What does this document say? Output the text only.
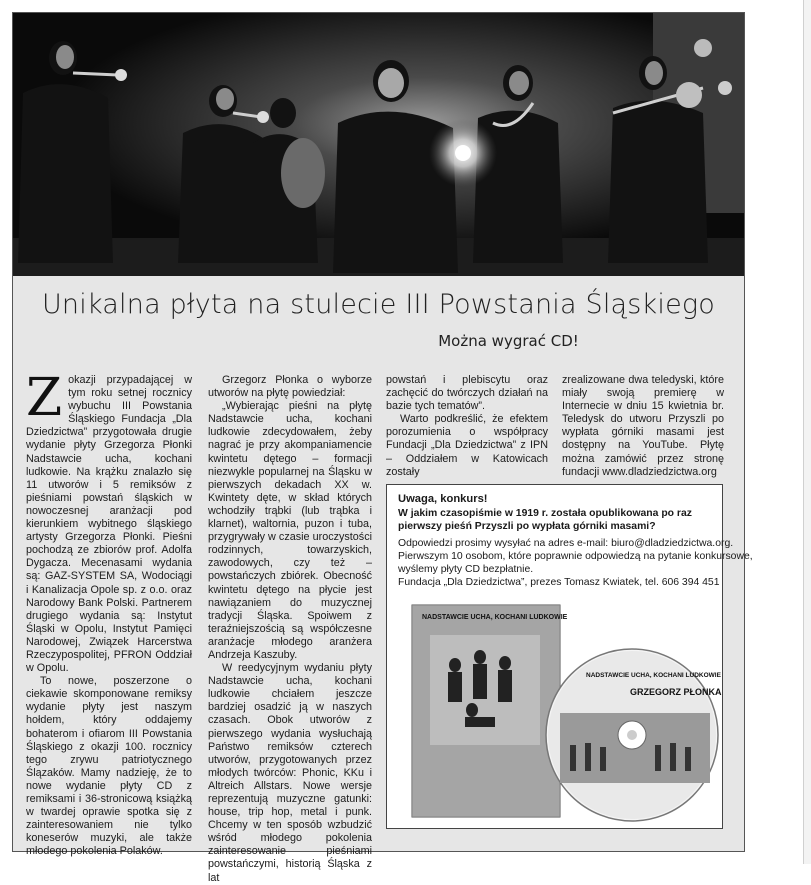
Unikalna płyta na stulecie III Powstania Śląskiego
Można wygrać CD!

Z okazji przypadającej w tym roku setnej rocznicy wybuchu III Powstania Śląskiego Fundacja „Dla Dziedzictwa” przygotowała drugie wydanie płyty Grzegorza Płonki Nadstawcie ucha, kochani ludkowie. Na krążku znalazło się 11 utworów i 5 remiksów z pieśniami powstań śląskich w nowoczesnej aranżacji pod kierunkiem wybitnego śląskiego artysty Grzegorza Płonki. Pieśni pochodzą ze zbiorów prof. Adolfa Dygacza. Mecenasami wydania są: GAZ-SYSTEM SA, Wodociągi i Kanalizacja Opole sp. z o.o. oraz Narodowy Bank Polski. Partnerem drugiego wydania są: Instytut Śląski w Opolu, Instytut Pamięci Narodowej, Związek Harcerstwa Rzeczypospolitej, PFRON Oddział w Opolu.

To nowe, poszerzone o ciekawie skomponowane remiksy wydanie płyty jest naszym hołdem, który oddajemy bohaterom i ofiarom III Powstania Śląskiego z okazji 100. rocznicy tego zrywu patriotycznego Ślązaków. Mamy nadzieję, że to nowe wydanie płyty CD z remiksami i 36-stronicową książką w twardej oprawie spotka się z zainteresowaniem nie tylko koneserów muzyki, ale także młodego pokolenia Polaków.

Grzegorz Płonka o wyborze utworów na płytę powiedział:

„Wybierając pieśni na płytę Nadstawcie ucha, kochani ludkowie zdecydowałem, żeby nagrać je przy akompaniamencie kwintetu dętego – formacji niezwykle popularnej na Śląsku w pierwszych dekadach XX w. Kwintety dęte, w skład których wchodziły trąbki (lub trąbka i klarnet), waltornia, puzon i tuba, przygrywały w czasie uroczystości rodzinnych, towarzyskich, zawodowych, czy też – powstańczych zbiórek. Obecność kwintetu dętego na płycie jest nawiązaniem do muzycznej tradycji Śląska. Spoiwem z teraźniejszością są współczesne aranżacje młodego aranżera Andrzeja Kaszuby.

W reedycyjnym wydaniu płyty Nadstawcie ucha, kochani ludkowie chciałem jeszcze bardziej osadzić ją w naszych czasach. Obok utworów z pierwszego wydania wysłuchają Państwo remiksów czterech utworów, przygotowanych przez młodych twórców: Phonic, KKu i Altreich Allstars. Nowe wersje reprezentują muzyczne gatunki: house, trip hop, metal i punk. Chcemy w ten sposób wzbudzić wśród młodego pokolenia zainteresowanie pieśniami powstańczymi, historią Śląska z lat

powstań i plebiscytu oraz zachęcić do twórczych działań na bazie tych tematów”.

Warto podkreślić, że efektem porozumienia o współpracy Fundacji „Dla Dziedzictwa” z IPN – Oddziałem w Katowicach zostały

zrealizowane dwa teledyski, które miały swoją premierę w Internecie w dniu 15 kwietnia br. Teledysk do utworu Przyszli po wypłata górniki masami jest dostępny na YouTube. Płytę można zamówić przez stronę fundacji www.dladziedzictwa.org

Uwaga, konkurs!
W jakim czasopiśmie w 1919 r. została opublikowana po raz pierwszy pieśń Przyszli po wypłata górniki masami?
Odpowiedzi prosimy wysyłać na adres e-mail: biuro@dladziedzictwa.org.
Pierwszym 10 osobom, które poprawnie odpowiedzą na pytanie konkursowe,
wyślemy płyty CD bezpłatnie.
Fundacja „Dla Dziedzictwa”, prezes Tomasz Kwiatek, tel. 606 394 451
NADSTAWCIE UCHA, KOCHANI LUDKOWIE
NADSTAWCIE UCHA, KOCHANI LUDKOWIE
GRZEGORZ PŁONKA
